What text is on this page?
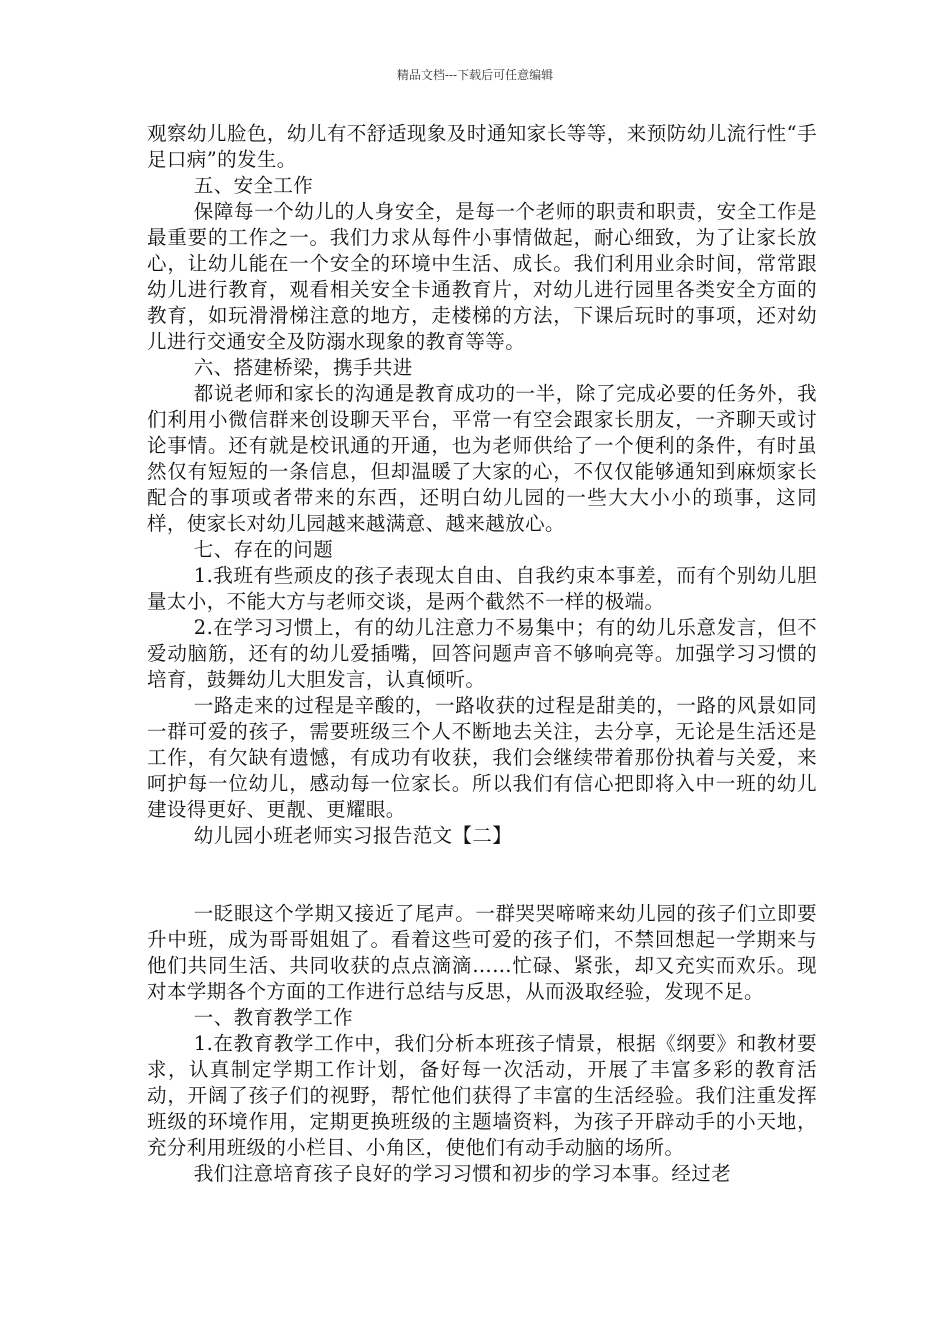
精品文档---下载后可任意编辑

观察幼儿脸色，幼儿有不舒适现象及时通知家长等等，来预防幼儿流行性“手足口病”的发生。

五、安全工作

保障每一个幼儿的人身安全，是每一个老师的职责和职责，安全工作是最重要的工作之一。我们力求从每件小事情做起，耐心细致，为了让家长放心，让幼儿能在一个安全的环境中生活、成长。我们利用业余时间，常常跟幼儿进行教育，观看相关安全卡通教育片，对幼儿进行园里各类安全方面的教育，如玩滑滑梯注意的地方，走楼梯的方法，下课后玩时的事项，还对幼儿进行交通安全及防溺水现象的教育等等。

六、搭建桥梁，携手共进

都说老师和家长的沟通是教育成功的一半，除了完成必要的任务外，我们利用小微信群来创设聊天平台，平常一有空会跟家长朋友，一齐聊天或讨论事情。还有就是校讯通的开通，也为老师供给了一个便利的条件，有时虽然仅有短短的一条信息，但却温暖了大家的心，不仅仅能够通知到麻烦家长配合的事项或者带来的东西，还明白幼儿园的一些大大小小的琐事，这同样，使家长对幼儿园越来越满意、越来越放心。

七、存在的问题

1.我班有些顽皮的孩子表现太自由、自我约束本事差，而有个别幼儿胆量太小，不能大方与老师交谈，是两个截然不一样的极端。

2.在学习习惯上，有的幼儿注意力不易集中；有的幼儿乐意发言，但不爱动脑筋，还有的幼儿爱插嘴，回答问题声音不够响亮等。加强学习习惯的培育，鼓舞幼儿大胆发言，认真倾听。

一路走来的过程是辛酸的，一路收获的过程是甜美的，一路的风景如同一群可爱的孩子，需要班级三个人不断地去关注，去分享，无论是生活还是工作，有欠缺有遗憾，有成功有收获，我们会继续带着那份执着与关爱，来呵护每一位幼儿，感动每一位家长。所以我们有信心把即将入中一班的幼儿建设得更好、更靓、更耀眼。

幼儿园小班老师实习报告范文【二】

一眨眼这个学期又接近了尾声。一群哭哭啼啼来幼儿园的孩子们立即要升中班，成为哥哥姐姐了。看着这些可爱的孩子们，不禁回想起一学期来与他们共同生活、共同收获的点点滴滴……忙碌、紧张，却又充实而欢乐。现对本学期各个方面的工作进行总结与反思，从而汲取经验，发现不足。

一、教育教学工作

1.在教育教学工作中，我们分析本班孩子情景，根据《纲要》和教材要求，认真制定学期工作计划，备好每一次活动，开展了丰富多彩的教育活动，开阔了孩子们的视野，帮忙他们获得了丰富的生活经验。我们注重发挥班级的环境作用，定期更换班级的主题墙资料，为孩子开辟动手的小天地，充分利用班级的小栏目、小角区，使他们有动手动脑的场所。

我们注意培育孩子良好的学习习惯和初步的学习本事。经过老
